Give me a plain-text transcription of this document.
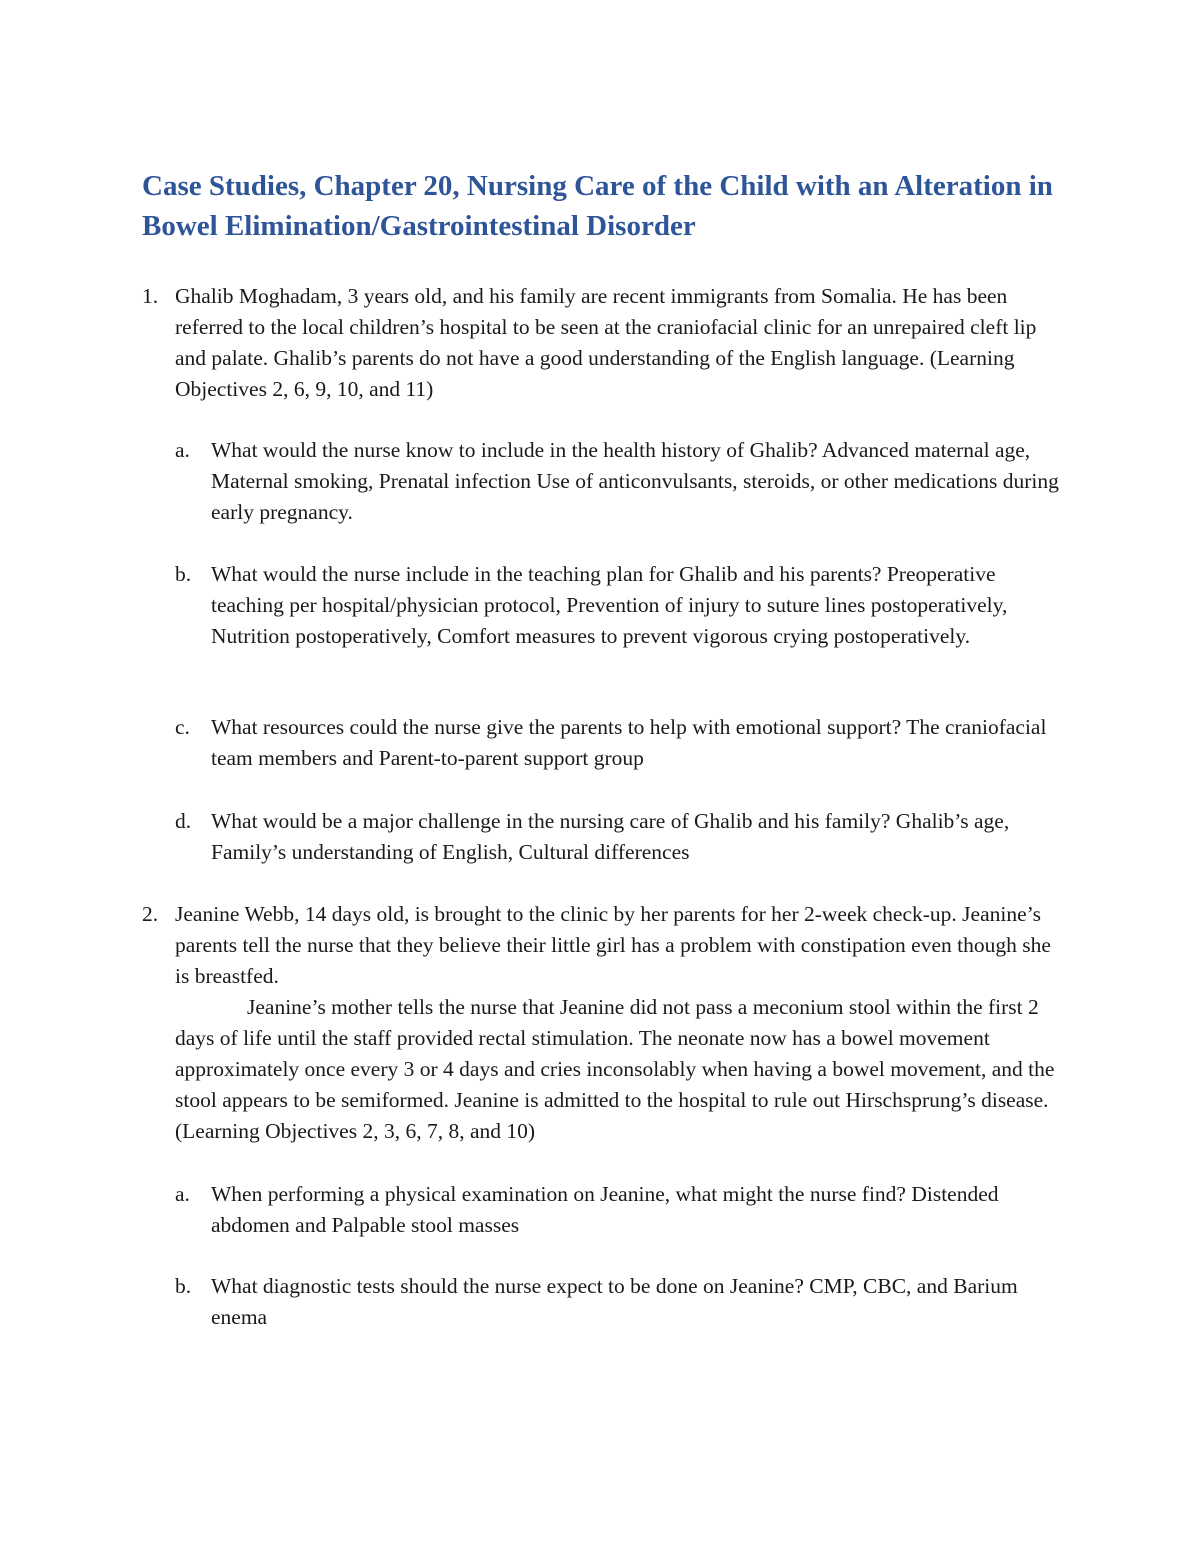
Case Studies, Chapter 20, Nursing Care of the Child with an Alteration in Bowel Elimination/Gastrointestinal Disorder
1. Ghalib Moghadam, 3 years old, and his family are recent immigrants from Somalia. He has been referred to the local children’s hospital to be seen at the craniofacial clinic for an unrepaired cleft lip and palate. Ghalib’s parents do not have a good understanding of the English language. (Learning Objectives 2, 6, 9, 10, and 11)

a. What would the nurse know to include in the health history of Ghalib? Advanced maternal age, Maternal smoking, Prenatal infection Use of anticonvulsants, steroids, or other medications during early pregnancy.

b. What would the nurse include in the teaching plan for Ghalib and his parents? Preoperative teaching per hospital/physician protocol, Prevention of injury to suture lines postoperatively, Nutrition postoperatively, Comfort measures to prevent vigorous crying postoperatively.

c. What resources could the nurse give the parents to help with emotional support? The craniofacial team members and Parent-to-parent support group

d. What would be a major challenge in the nursing care of Ghalib and his family? Ghalib’s age, Family’s understanding of English, Cultural differences

2. Jeanine Webb, 14 days old, is brought to the clinic by her parents for her 2-week check-up. Jeanine’s parents tell the nurse that they believe their little girl has a problem with constipation even though she is breastfed.
Jeanine’s mother tells the nurse that Jeanine did not pass a meconium stool within the first 2 days of life until the staff provided rectal stimulation. The neonate now has a bowel movement approximately once every 3 or 4 days and cries inconsolably when having a bowel movement, and the stool appears to be semiformed. Jeanine is admitted to the hospital to rule out Hirschsprung’s disease. (Learning Objectives 2, 3, 6, 7, 8, and 10)
a. When performing a physical examination on Jeanine, what might the nurse find? Distended abdomen and Palpable stool masses

b. What diagnostic tests should the nurse expect to be done on Jeanine? CMP, CBC, and Barium enema
